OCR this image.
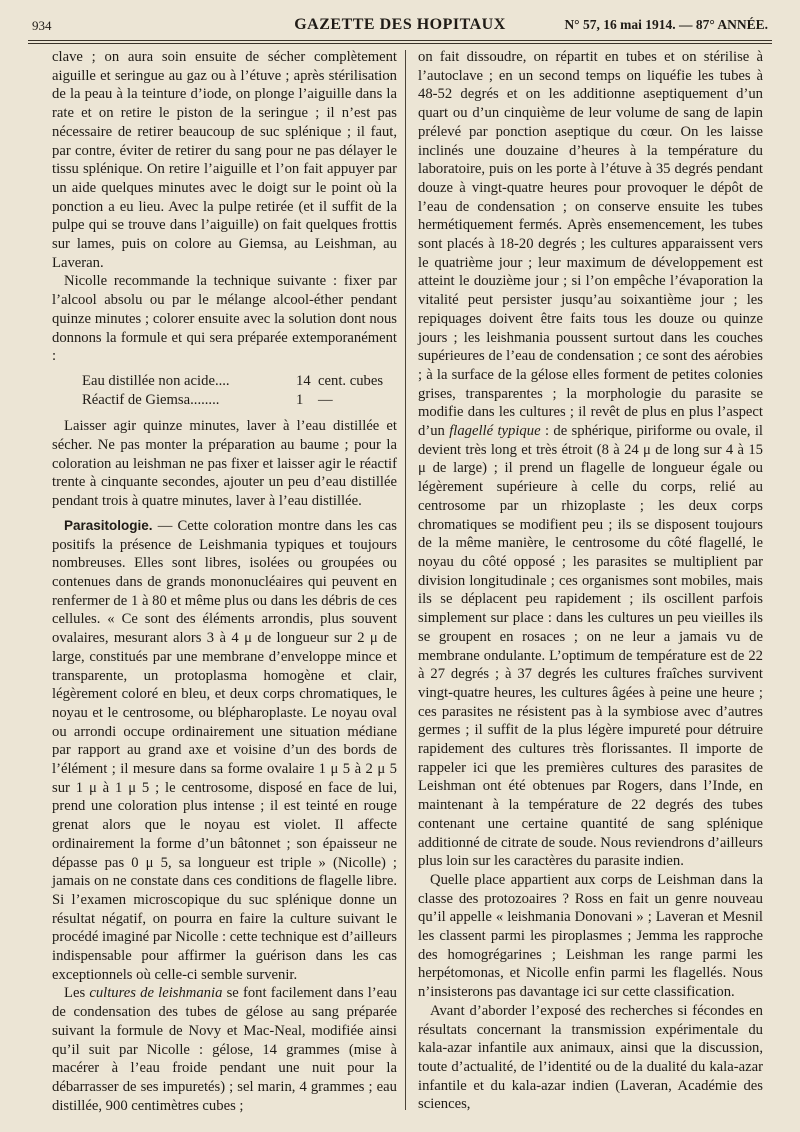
934	GAZETTE DES HOPITAUX	N° 57, 16 mai 1914. — 87° ANNÉE.

clave ; on aura soin ensuite de sécher complètement aiguille et seringue au gaz ou à l’étuve ; après stérilisation de la peau à la teinture d’iode, on plonge l’aiguille dans la rate et on retire le piston de la seringue ; il n’est pas nécessaire de retirer beaucoup de suc splénique ; il faut, par contre, éviter de retirer du sang pour ne pas délayer le tissu splénique. On retire l’aiguille et l’on fait appuyer par un aide quelques minutes avec le doigt sur le point où la ponction a eu lieu. Avec la pulpe retirée (et il suffit de la pulpe qui se trouve dans l’aiguille) on fait quelques frottis sur lames, puis on colore au Giemsa, au Leishman, au Laveran.

Nicolle recommande la technique suivante : fixer par l’alcool absolu ou par le mélange alcool-éther pendant quinze minutes ; colorer ensuite avec la solution dont nous donnons la formule et qui sera préparée extemporanément :

Eau distillée non acide....	14 cent. cubes
Réactif de Giemsa........	1	—

Laisser agir quinze minutes, laver à l’eau distillée et sécher. Ne pas monter la préparation au baume ; pour la coloration au leishman ne pas fixer et laisser agir le réactif trente à cinquante secondes, ajouter un peu d’eau distillée pendant trois à quatre minutes, laver à l’eau distillée.

Parasitologie. — Cette coloration montre dans les cas positifs la présence de Leishmania typiques et toujours nombreuses. Elles sont libres, isolées ou groupées ou contenues dans de grands mononucléaires qui peuvent en renfermer de 1 à 80 et même plus ou dans les débris de ces cellules. « Ce sont des éléments arrondis, plus souvent ovalaires, mesurant alors 3 à 4 μ de longueur sur 2 μ de large, constitués par une membrane d’enveloppe mince et transparente, un protoplasma homogène et clair, légèrement coloré en bleu, et deux corps chromatiques, le noyau et le centrosome, ou blépharoplaste. Le noyau oval ou arrondi occupe ordinairement une situation médiane par rapport au grand axe et voisine d’un des bords de l’élément ; il mesure dans sa forme ovalaire 1 μ 5 à 2 μ 5 sur 1 μ à 1 μ 5 ; le centrosome, disposé en face de lui, prend une coloration plus intense ; il est teinté en rouge grenat alors que le noyau est violet. Il affecte ordinairement la forme d’un bâtonnet ; son épaisseur ne dépasse pas 0 μ 5, sa longueur est triple » (Nicolle) ; jamais on ne constate dans ces conditions de flagelle libre. Si l’examen microscopique du suc splénique donne un résultat négatif, on pourra en faire la culture suivant le procédé imaginé par Nicolle : cette technique est d’ailleurs indispensable pour affirmer la guérison dans les cas exceptionnels où celle-ci semble survenir.

Les cultures de leishmania se font facilement dans l’eau de condensation des tubes de gélose au sang préparée suivant la formule de Novy et Mac-Neal, modifiée ainsi qu’il suit par Nicolle : gélose, 14 grammes (mise à macérer à l’eau froide pendant une nuit pour la débarrasser de ses impuretés) ; sel marin, 4 grammes ; eau distillée, 900 centimètres cubes ;

on fait dissoudre, on répartit en tubes et on stérilise à l’autoclave ; en un second temps on liquéfie les tubes à 48-52 degrés et on les additionne aseptiquement d’un quart ou d’un cinquième de leur volume de sang de lapin prélevé par ponction aseptique du cœur. On les laisse inclinés une douzaine d’heures à la température du laboratoire, puis on les porte à l’étuve à 35 degrés pendant douze à vingt-quatre heures pour provoquer le dépôt de l’eau de condensation ; on conserve ensuite les tubes hermétiquement fermés. Après ensemencement, les tubes sont placés à 18-20 degrés ; les cultures apparaissent vers le quatrième jour ; leur maximum de développement est atteint le douzième jour ; si l’on empêche l’évaporation la vitalité peut persister jusqu’au soixantième jour ; les repiquages doivent être faits tous les douze ou quinze jours ; les leishmania poussent surtout dans les couches supérieures de l’eau de condensation ; ce sont des aérobies ; à la surface de la gélose elles forment de petites colonies grises, transparentes ; la morphologie du parasite se modifie dans les cultures ; il revêt de plus en plus l’aspect d’un flagellé typique : de sphérique, piriforme ou ovale, il devient très long et très étroit (8 à 24 μ de long sur 4 à 15 μ de large) ; il prend un flagelle de longueur égale ou légèrement supérieure à celle du corps, relié au centrosome par un rhizoplaste ; les deux corps chromatiques se modifient peu ; ils se disposent toujours de la même manière, le centrosome du côté flagellé, le noyau du côté opposé ; les parasites se multiplient par division longitudinale ; ces organismes sont mobiles, mais ils se déplacent peu rapidement ; ils oscillent parfois simplement sur place : dans les cultures un peu vieilles ils se groupent en rosaces ; on ne leur a jamais vu de membrane ondulante. L’optimum de température est de 22 à 27 degrés ; à 37 degrés les cultures fraîches survivent vingt-quatre heures, les cultures âgées à peine une heure ; ces parasites ne résistent pas à la symbiose avec d’autres germes ; il suffit de la plus légère impureté pour détruire rapidement des cultures très florissantes. Il importe de rappeler ici que les premières cultures des parasites de Leishman ont été obtenues par Rogers, dans l’Inde, en maintenant à la température de 22 degrés des tubes contenant une certaine quantité de sang splénique additionné de citrate de soude. Nous reviendrons d’ailleurs plus loin sur les caractères du parasite indien.

Quelle place appartient aux corps de Leishman dans la classe des protozoaires ? Ross en fait un genre nouveau qu’il appelle « leishmania Donovani » ; Laveran et Mesnil les classent parmi les piroplasmes ; Jemma les rapproche des homogrégarines ; Leishman les range parmi les herpétomonas, et Nicolle enfin parmi les flagellés. Nous n’insisterons pas davantage ici sur cette classification.

Avant d’aborder l’exposé des recherches si fécondes en résultats concernant la transmission expérimentale du kala-azar infantile aux animaux, ainsi que la discussion, toute d’actualité, de l’identité ou de la dualité du kala-azar infantile et du kala-azar indien (Laveran, Académie des sciences,
